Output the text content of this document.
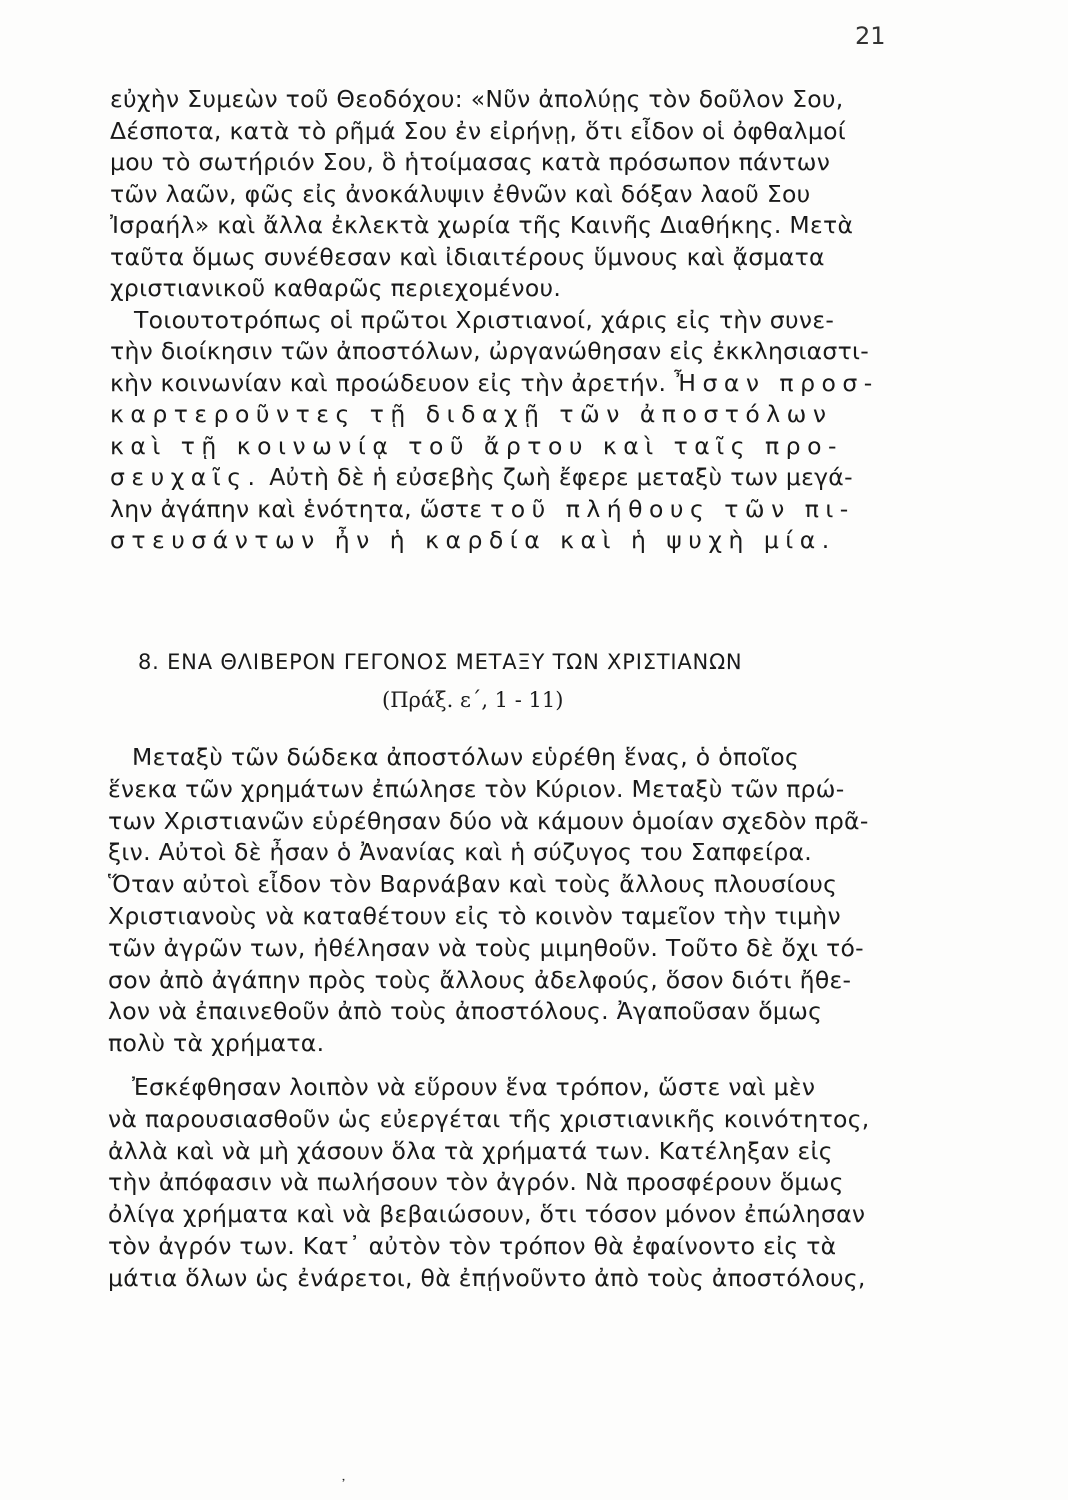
21
εὐχὴν Συμεὼν τοῦ Θεοδόχου: «Νῦν ἀπολύῃς τὸν δοῦλον Σου,
Δέσποτα, κατὰ τὸ ρῆμά Σου ἐν εἰρήνῃ, ὅτι εἶδον οἱ ὀφθαλμοί
μου τὸ σωτήριόν Σου, ὃ ἡτοίμασας κατὰ πρόσωπον πάντων
τῶν λαῶν, φῶς εἰς ἀνοκάλυψιν ἐθνῶν καὶ δόξαν λαοῦ Σου
Ἰσραήλ» καὶ ἄλλα ἐκλεκτὰ χωρία τῆς Καινῆς Διαθήκης. Μετὰ
ταῦτα ὅμως συνέθεσαν καὶ ἰδιαιτέρους ὕμνους καὶ ᾄσματα
χριστιανικοῦ καθαρῶς περιεχομένου.
Τοιουτοτρόπως οἱ πρῶτοι Χριστιανοί, χάρις εἰς τὴν συνε-
τὴν διοίκησιν τῶν ἀποστόλων, ὠργανώθησαν εἰς ἐκκλησιαστι-
κὴν κοινωνίαν καὶ προώδευον εἰς τὴν ἀρετήν. Ἦσαν προσ-
καρτεροῦντες τῇ διδαχῇ τῶν ἀποστόλων
καὶ τῇ κοινωνίᾳ τοῦ ἄρτου καὶ ταῖς προ-
σευχαῖς. Αὐτὴ δὲ ἡ εὐσεβὴς ζωὴ ἔφερε μεταξὺ των μεγά-
λην ἀγάπην καὶ ἑνότητα, ὥστε τοῦ πλήθους τῶν πι-
στευσάντων ἦν ἡ καρδία καὶ ἡ ψυχὴ μία.
8. ΕΝΑ ΘΛΙΒΕΡΟΝ ΓΕΓΟΝΟΣ ΜΕΤΑΞΥ ΤΩΝ ΧΡΙΣΤΙΑΝΩΝ
(Πράξ. ε΄, 1 - 11)
Μεταξὺ τῶν δώδεκα ἀποστόλων εὑρέθη ἕνας, ὁ ὁποῖος
ἕνεκα τῶν χρημάτων ἐπώλησε τὸν Κύριον. Μεταξὺ τῶν πρώ-
των Χριστιανῶν εὑρέθησαν δύο νὰ κάμουν ὁμοίαν σχεδὸν πρᾶ-
ξιν. Αὐτοὶ δὲ ἦσαν ὁ Ἀνανίας καὶ ἡ σύζυγος του Σαπφείρα.
Ὅταν αὐτοὶ εἶδον τὸν Βαρνάβαν καὶ τοὺς ἄλλους πλουσίους
Χριστιανοὺς νὰ καταθέτουν εἰς τὸ κοινὸν ταμεῖον τὴν τιμὴν
τῶν ἀγρῶν των, ἠθέλησαν νὰ τοὺς μιμηθοῦν. Τοῦτο δὲ ὄχι τό-
σον ἀπὸ ἀγάπην πρὸς τοὺς ἄλλους ἀδελφούς, ὅσον διότι ἤθε-
λον νὰ ἐπαινεθοῦν ἀπὸ τοὺς ἀποστόλους. Ἀγαποῦσαν ὅμως
πολὺ τὰ χρήματα.
Ἐσκέφθησαν λοιπὸν νὰ εὕρουν ἕνα τρόπον, ὥστε ναὶ μὲν
νὰ παρουσιασθοῦν ὡς εὐεργέται τῆς χριστιανικῆς κοινότητος,
ἀλλὰ καὶ νὰ μὴ χάσουν ὅλα τὰ χρήματά των. Κατέληξαν εἰς
τὴν ἀπόφασιν νὰ πωλήσουν τὸν ἀγρόν. Νὰ προσφέρουν ὅμως
ὀλίγα χρήματα καὶ νὰ βεβαιώσουν, ὅτι τόσον μόνον ἐπώλησαν
τὸν ἀγρόν των. Κατ᾽ αὐτὸν τὸν τρόπον θὰ ἐφαίνοντο εἰς τὰ
μάτια ὅλων ὡς ἐνάρετοι, θὰ ἐπῄνοῦντο ἀπὸ τοὺς ἀποστόλους,
᾽
